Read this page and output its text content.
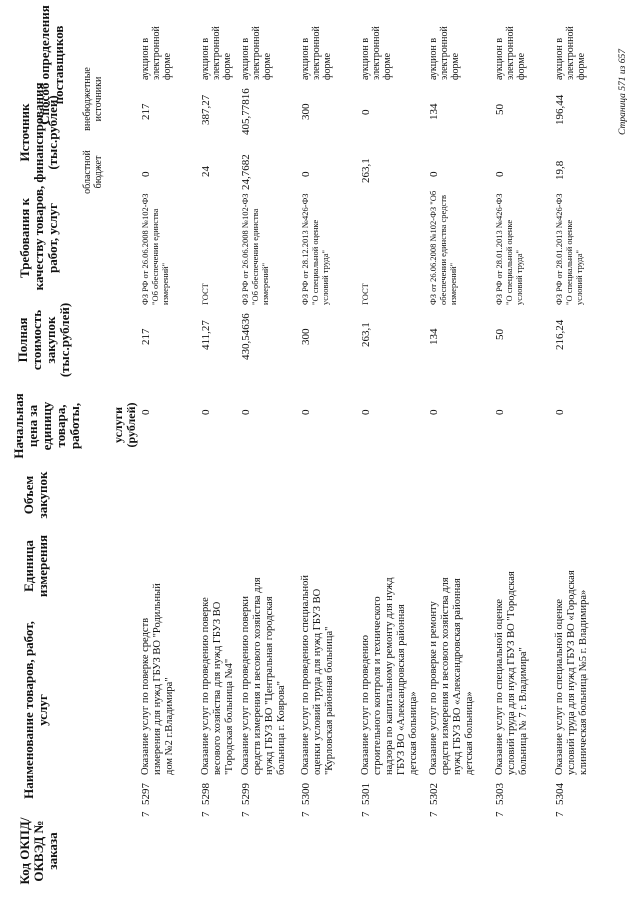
Код ОКПД/ ОКВЭД № заказа
Наименование товаров, работ, услуг
Единица измерения
Объем закупок
Начальная цена за единицу товара, работы, услуги (рублей)
Полная стоимость закупок (тыс.рублей)
Требования к качеству товаров, работ, услуг
Источник финансирования (тыс.рублей)
областной бюджет
внебюджетные источники
Способ определения поставщиков
7
5297
Оказание услуг по поверке средств измерения для нужд ГБУЗ ВО "Родильный дом №2 г.Владимира"
0
217
ФЗ РФ от 26.06.2008 №102-ФЗ "Об обеспечении единства измерений"
0
217
аукцион в электронной форме
7
5298
Оказание услуг по проведению поверке весового хозяйства для нужд ГБУЗ ВО "Городская больница №4"
0
411,27
ГОСТ
24
387,27
аукцион в электронной форме
7
5299
Оказание услуг по проведению поверки средств измерения и весового хозяйства для нужд ГБУЗ ВО "Центральная городская больница г. Коврова"
0
430,54636
ФЗ РФ от 26.06.2008 №102-ФЗ "Об обеспечении единства измерений"
24,7682
405,77816
аукцион в электронной форме
7
5300
Оказание услуг по проведению специальной оценки условий труда для нужд ГБУЗ ВО "Курловская районная больница"
0
300
ФЗ РФ от 28.12.2013 №426-ФЗ "О специальной оценке условий труда"
0
300
аукцион в электронной форме
7
5301
Оказание услуг по проведению строительного контроля и технического надзора по капитальному ремонту для нужд ГБУЗ ВО «Александровская районная детская больница»
0
263,1
ГОСТ
263,1
0
аукцион в электронной форме
7
5302
Оказание услуг по проверке и ремонту средств измерения и весового хозяйства для нужд ГБУЗ ВО «Александровская районная детская больница»
0
134
ФЗ от 26.06.2008 №102-ФЗ "Об обеспечении единства средств измерений"
0
134
аукцион в электронной форме
7
5303
Оказание услуг по специальной оценке условий труда для нужд ГБУЗ ВО "Городская больница № 7 г. Владимира"
0
50
ФЗ РФ от 28.01.2013 №426-ФЗ "О специальной оценке условий труда"
0
50
аукцион в электронной форме
7
5304
Оказание услуг по специальной оценке условий труда для нужд ГБУЗ ВО «Городская клиническая больница №5 г. Владимира»
0
216,24
ФЗ РФ от 28.01.2013 №426-ФЗ "О специальной оценке условий труда"
19,8
196,44
аукцион в электронной форме	Страница 571 из 657
